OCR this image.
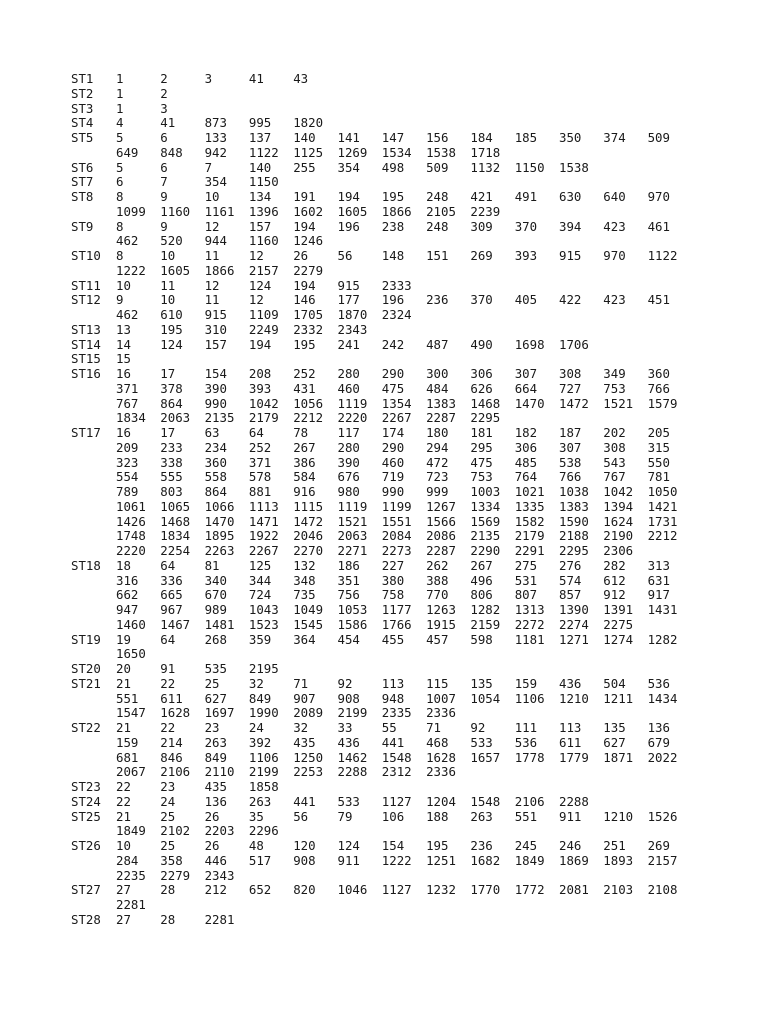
ST1 1	2	3	41 43
ST2 1	2
ST3 1	3
ST4 4	41 873 995 1820
ST5 5	6	133 137 140 141 147 156 184 185 350 374 509
649 848 942 1122 1125 1269 1534 1538 1718
ST6 5	6	7	140 255 354 498 509 1132 1150 1538
ST7 6	7	354 1150
ST8 8	9	10 134 191 194 195 248 421 491 630 640 970
1099 1160 1161 1396 1602 1605 1866 2105 2239
ST9 8	9	12 157 194 196 238 248 309 370 394 423 461
462 520 944 1160 1246
ST10 8	10 11 12 26 56 148 151 269 393 915 970 1122
1222 1605 1866 2157 2279
ST11 10 11 12 124 194 915 2333
ST12 9	10 11 12 146 177 196 236 370 405 422 423 451
462 610 915 1109 1705 1870 2324
ST13 13 195 310 2249 2332 2343
ST14 14 124 157 194 195 241 242 487 490 1698 1706
ST15 15
ST16 16 17 154 208 252 280 290 300 306 307 308 349 360
371 378 390 393 431 460 475 484 626 664 727 753 766
767 864 990 1042 1056 1119 1354 1383 1468 1470 1472 1521 1579
1834 2063 2135 2179 2212 2220 2267 2287 2295
ST17 16 17 63 64 78 117 174 180 181 182 187 202 205
209 233 234 252 267 280 290 294 295 306 307 308 315
323 338 360 371 386 390 460 472 475 485 538 543 550
554 555 558 578 584 676 719 723 753 764 766 767 781
789 803 864 881 916 980 990 999 1003 1021 1038 1042 1050
1061 1065 1066 1113 1115 1119 1199 1267 1334 1335 1383 1394 1421
1426 1468 1470 1471 1472 1521 1551 1566 1569 1582 1590 1624 1731
1748 1834 1895 1922 2046 2063 2084 2086 2135 2179 2188 2190 2212
2220 2254 2263 2267 2270 2271 2273 2287 2290 2291 2295 2306
ST18 18 64 81 125 132 186 227 262 267 275 276 282 313
316 336 340 344 348 351 380 388 496 531 574 612 631
662 665 670 724 735 756 758 770 806 807 857 912 917
947 967 989 1043 1049 1053 1177 1263 1282 1313 1390 1391 1431
1460 1467 1481 1523 1545 1586 1766 1915 2159 2272 2274 2275
ST19 19 64 268 359 364 454 455 457 598 1181 1271 1274 1282
1650
ST20 20 91 535 2195
ST21 21 22 25 32 71 92 113 115 135 159 436 504 536
551 611 627 849 907 908 948 1007 1054 1106 1210 1211 1434
1547 1628 1697 1990 2089 2199 2335 2336
ST22 21 22 23 24 32 33 55 71 92 111 113 135 136
159 214 263 392 435 436 441 468 533 536 611 627 679
681 846 849 1106 1250 1462 1548 1628 1657 1778 1779 1871 2022
2067 2106 2110 2199 2253 2288 2312 2336
ST23 22 23 435 1858
ST24 22 24 136 263 441 533 1127 1204 1548 2106 2288
ST25 21 25 26 35 56 79 106 188 263 551 911 1210 1526
1849 2102 2203 2296
ST26 10 25 26 48 120 124 154 195 236 245 246 251 269
284 358 446 517 908 911 1222 1251 1682 1849 1869 1893 2157
2235 2279 2343
ST27 27 28 212 652 820 1046 1127 1232 1770 1772 2081 2103 2108
2281
ST28 27 28 2281
